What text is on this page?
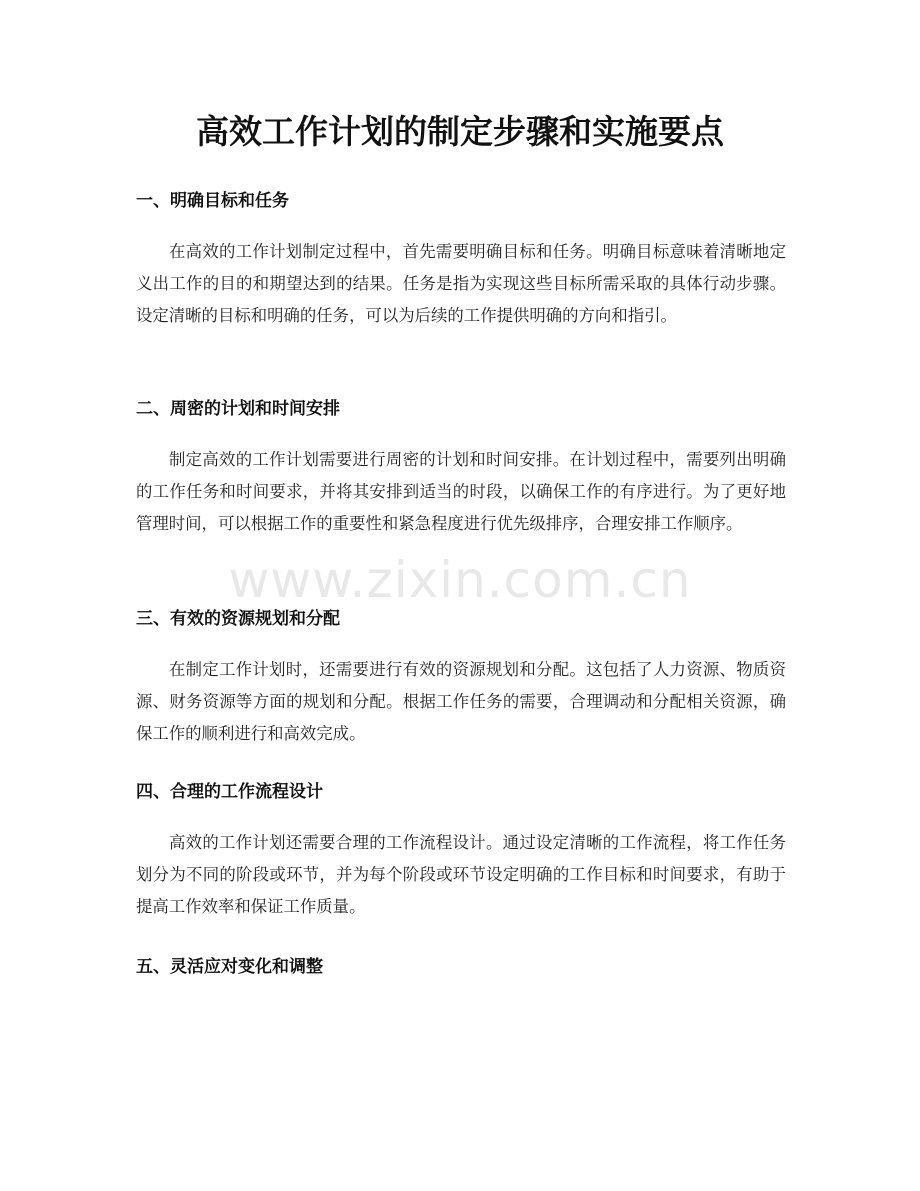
高效工作计划的制定步骤和实施要点
一、明确目标和任务

在高效的工作计划制定过程中，首先需要明确目标和任务。明确目标意味着清晰地定义出工作的目的和期望达到的结果。任务是指为实现这些目标所需采取的具体行动步骤。设定清晰的目标和明确的任务，可以为后续的工作提供明确的方向和指引。

二、周密的计划和时间安排

制定高效的工作计划需要进行周密的计划和时间安排。在计划过程中，需要列出明确的工作任务和时间要求，并将其安排到适当的时段，以确保工作的有序进行。为了更好地管理时间，可以根据工作的重要性和紧急程度进行优先级排序，合理安排工作顺序。

三、有效的资源规划和分配

在制定工作计划时，还需要进行有效的资源规划和分配。这包括了人力资源、物质资源、财务资源等方面的规划和分配。根据工作任务的需要，合理调动和分配相关资源，确保工作的顺利进行和高效完成。

四、合理的工作流程设计

高效的工作计划还需要合理的工作流程设计。通过设定清晰的工作流程，将工作任务划分为不同的阶段或环节，并为每个阶段或环节设定明确的工作目标和时间要求，有助于提高工作效率和保证工作质量。

五、灵活应对变化和调整
www.zixin.com.cn
